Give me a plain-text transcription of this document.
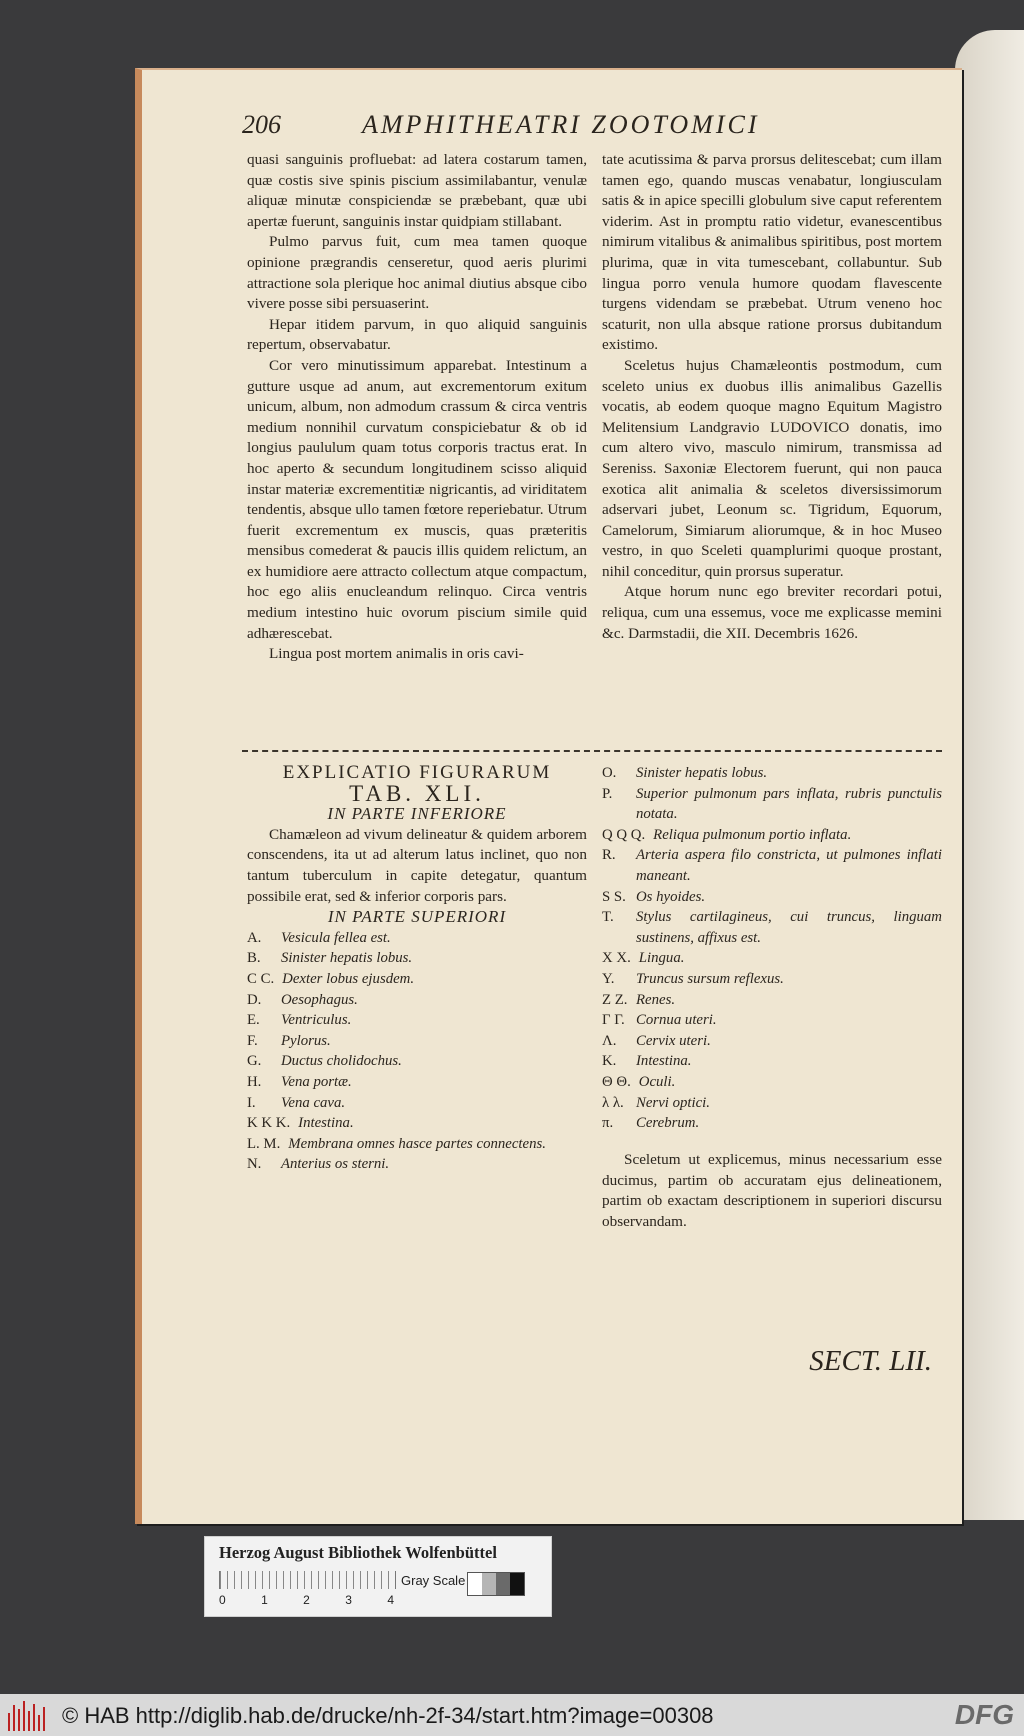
206	AMPHITHEATRI ZOOTOMICI

quasi sanguinis profluebat: ad latera costarum tamen, quæ costis sive spinis piscium assimilabantur, venulæ aliquæ minutæ conspiciendæ se præbebant, quæ ubi apertæ fuerunt, sanguinis instar quidpiam stillabant.

Pulmo parvus fuit, cum mea tamen quoque opinione prægrandis censeretur, quod aeris plurimi attractione sola plerique hoc animal diutius absque cibo vivere posse sibi persuaserint.

Hepar itidem parvum, in quo aliquid sanguinis repertum, observabatur.

Cor vero minutissimum apparebat. Intestinum a gutture usque ad anum, aut excrementorum exitum unicum, album, non admodum crassum & circa ventris medium nonnihil curvatum conspiciebatur & ob id longius paululum quam totus corporis tractus erat. In hoc aperto & secundum longitudinem scisso aliquid instar materiæ excrementitiæ nigricantis, ad viriditatem tendentis, absque ullo tamen fœtore reperiebatur. Utrum fuerit excrementum ex muscis, quas præteritis mensibus comederat & paucis illis quidem relictum, an ex humidiore aere attracto collectum atque compactum, hoc ego aliis enucleandum relinquo. Circa ventris medium intestino huic ovorum piscium simile quid adhærescebat.

Lingua post mortem animalis in oris cavi-

tate acutissima & parva prorsus delitescebat; cum illam tamen ego, quando muscas venabatur, longiusculam satis & in apice specilli globulum sive caput referentem viderim. Ast in promptu ratio videtur, evanescentibus nimirum vitalibus & animalibus spiritibus, post mortem plurima, quæ in vita tumescebant, collabuntur. Sub lingua porro venula humore quodam flavescente turgens videndam se præbebat. Utrum veneno hoc scaturit, non ulla absque ratione prorsus dubitandum existimo.

Sceletus hujus Chamæleontis postmodum, cum sceleto unius ex duobus illis animalibus Gazellis vocatis, ab eodem quoque magno Equitum Magistro Melitensium Landgravio LUDOVICO donatis, imo cum altero vivo, masculo nimirum, transmissa ad Sereniss. Saxoniæ Electorem fuerunt, qui non pauca exotica alit animalia & sceletos diversissimorum adservari jubet, Leonum sc. Tigridum, Equorum, Camelorum, Simiarum aliorumque, & in hoc Museo vestro, in quo Sceleti quamplurimi quoque prostant, nihil conceditur, quin prorsus superatur.

Atque horum nunc ego breviter recordari potui, reliqua, cum una essemus, voce me explicasse memini &c. Darmstadii, die XII. Decembris 1626.

EXPLICATIO FIGURARUM

TAB. XLI.

IN PARTE INFERIORE

Chamæleon ad vivum delineatur & quidem arborem conscendens, ita ut ad alterum latus inclinet, quo non tantum tuberculum in capite detegatur, quantum possibile erat, sed & inferior corporis pars.

IN PARTE SUPERIORI

A.	Vesicula fellea est.
B.	Sinister hepatis lobus.
C C. Dexter lobus ejusdem.
D.	Oesophagus.
E.	Ventriculus.
F.	Pylorus.
G.	Ductus cholidochus.
H.	Vena portæ.
I.	Vena cava.
K K K. Intestina.
L. M. Membrana omnes hasce partes connectens.
N.	Anterius os sterni.
O.	Sinister hepatis lobus.
P.	Superior pulmonum pars inflata, rubris punctulis notata.
Q Q Q. Reliqua pulmonum portio inflata.
R.	Arteria aspera filo constricta, ut pulmones inflati maneant.
S S. Os hyoides.
T.	Stylus cartilagineus, cui truncus, linguam sustinens, affixus est.
X X. Lingua.
Y.	Truncus sursum reflexus.
Z Z. Renes.
Γ Γ. Cornua uteri.
Λ.	Cervix uteri.
K.	Intestina.
Θ Θ. Oculi.
λ λ. Nervi optici.
π.	Cerebrum.

Sceletum ut explicemus, minus necessarium esse ducimus, partim ob accuratam ejus delineationem, partim ob exactam descriptionem in superiori discursu observandam.

SECT. LII.
Herzog August Bibliothek Wolfenbüttel
0	1	2	3	4
Gray Scale
© HAB http://diglib.hab.de/drucke/nh-2f-34/start.htm?image=00308	DFG
